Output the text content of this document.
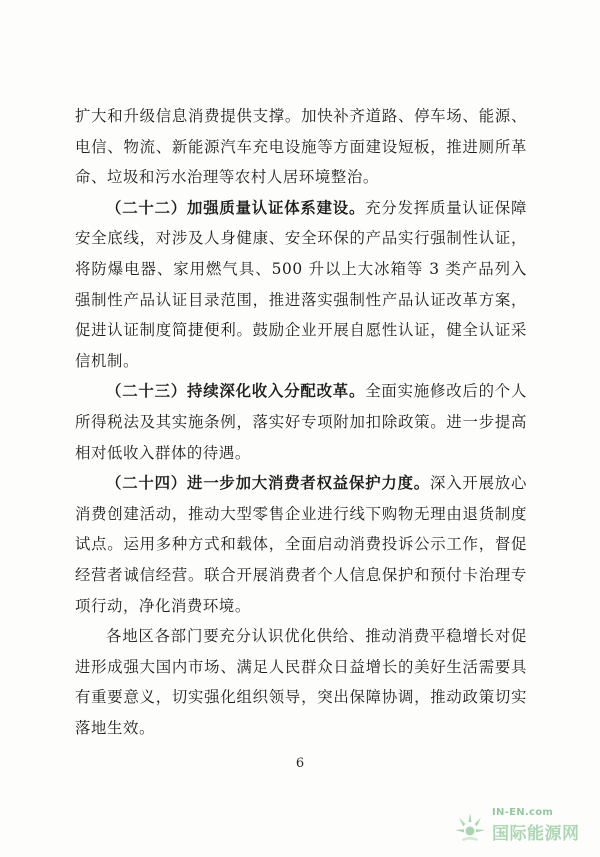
扩大和升级信息消费提供支撑。加快补齐道路、停车场、能源、电信、物流、新能源汽车充电设施等方面建设短板，推进厕所革命、垃圾和污水治理等农村人居环境整治。

（二十二）加强质量认证体系建设。充分发挥质量认证保障安全底线，对涉及人身健康、安全环保的产品实行强制性认证，将防爆电器、家用燃气具、500 升以上大冰箱等 3 类产品列入强制性产品认证目录范围，推进落实强制性产品认证改革方案，促进认证制度简捷便利。鼓励企业开展自愿性认证，健全认证采信机制。

（二十三）持续深化收入分配改革。全面实施修改后的个人所得税法及其实施条例，落实好专项附加扣除政策。进一步提高相对低收入群体的待遇。

（二十四）进一步加大消费者权益保护力度。深入开展放心消费创建活动，推动大型零售企业进行线下购物无理由退货制度试点。运用多种方式和载体，全面启动消费投诉公示工作，督促经营者诚信经营。联合开展消费者个人信息保护和预付卡治理专项行动，净化消费环境。

各地区各部门要充分认识优化供给、推动消费平稳增长对促进形成强大国内市场、满足人民群众日益增长的美好生活需要具有重要意义，切实强化组织领导，突出保障协调，推动政策切实落地生效。

6
IN-EN.com
国际能源网
